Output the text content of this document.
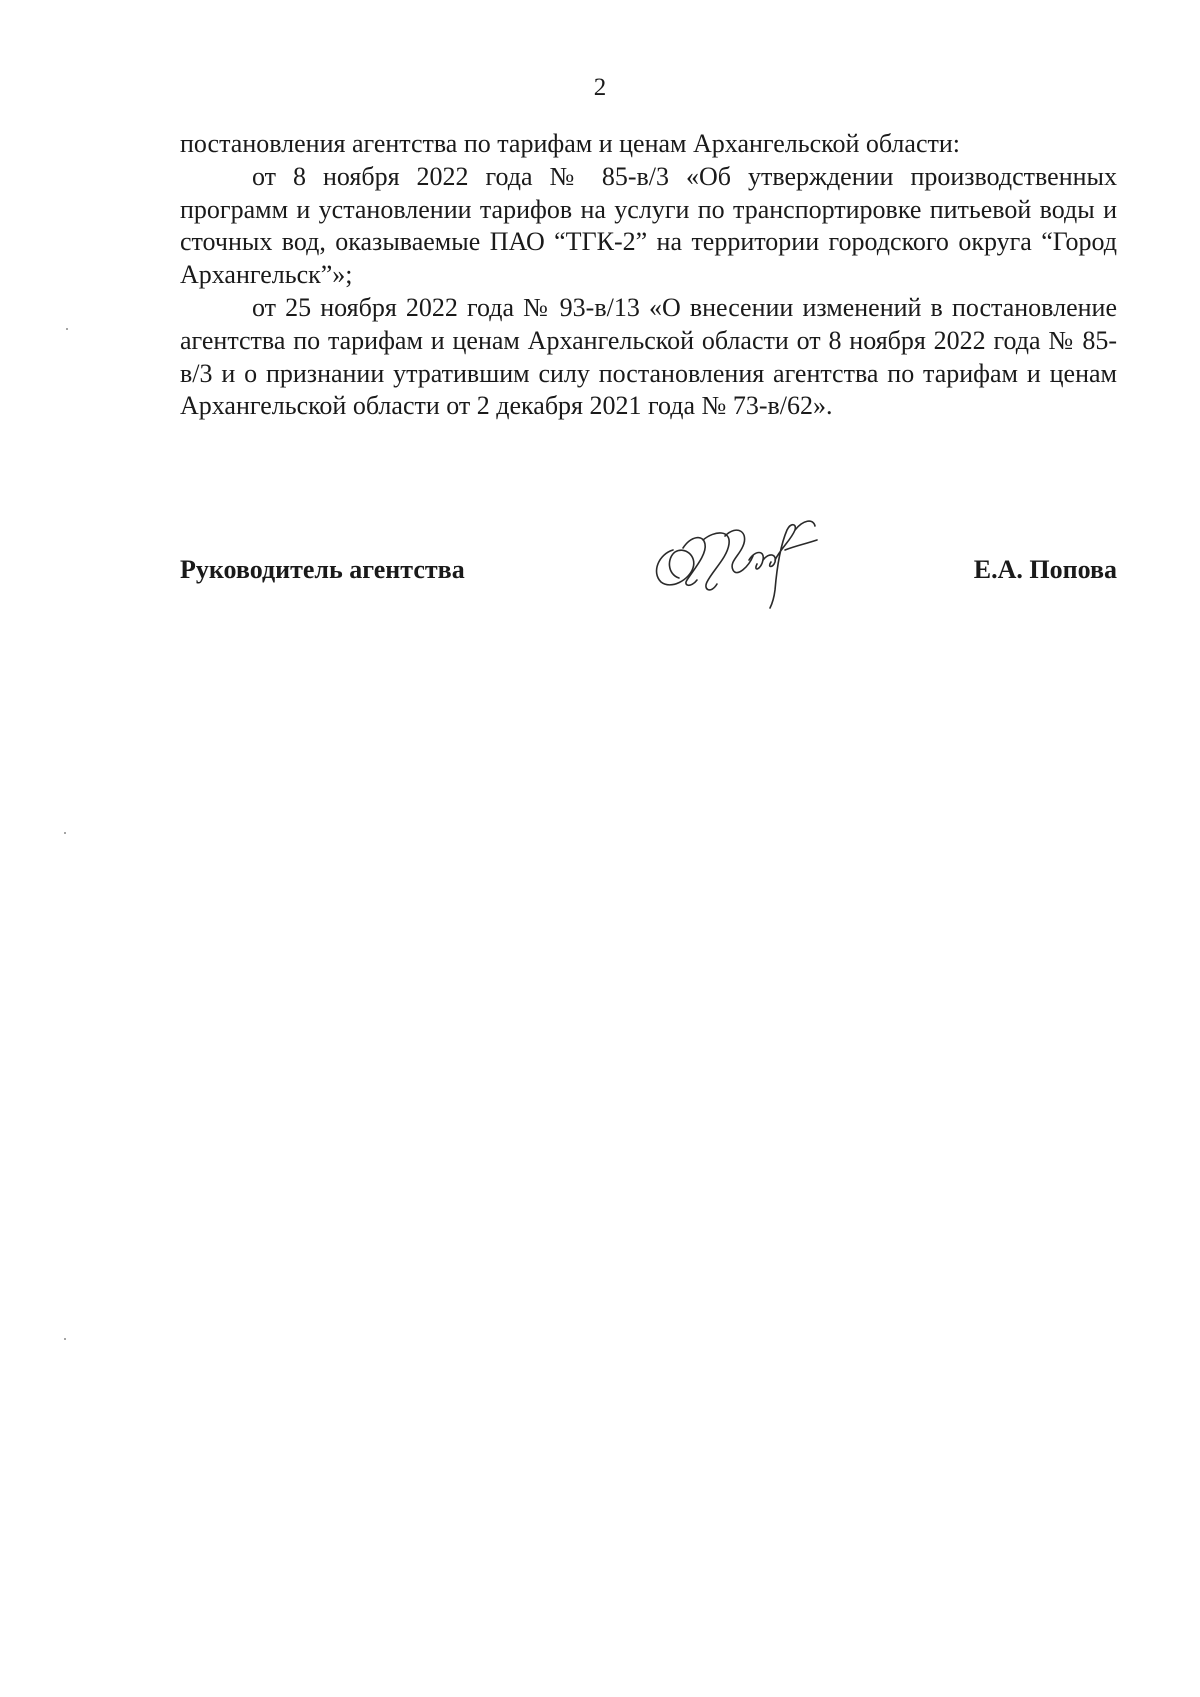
2

постановления агентства по тарифам и ценам Архангельской области:

от 8 ноября 2022 года № 85-в/3 «Об утверждении производственных программ и установлении тарифов на услуги по транспортировке питьевой воды и сточных вод, оказываемые ПАО “ТГК-2” на территории городского округа “Город Архангельск”»;

от 25 ноября 2022 года № 93-в/13 «О внесении изменений в постановление агентства по тарифам и ценам Архангельской области от 8 ноября 2022 года № 85-в/3 и о признании утратившим силу постановления агентства по тарифам и ценам Архангельской области от 2 декабря 2021 года № 73-в/62».

Руководитель агентства	Е.А. Попова
